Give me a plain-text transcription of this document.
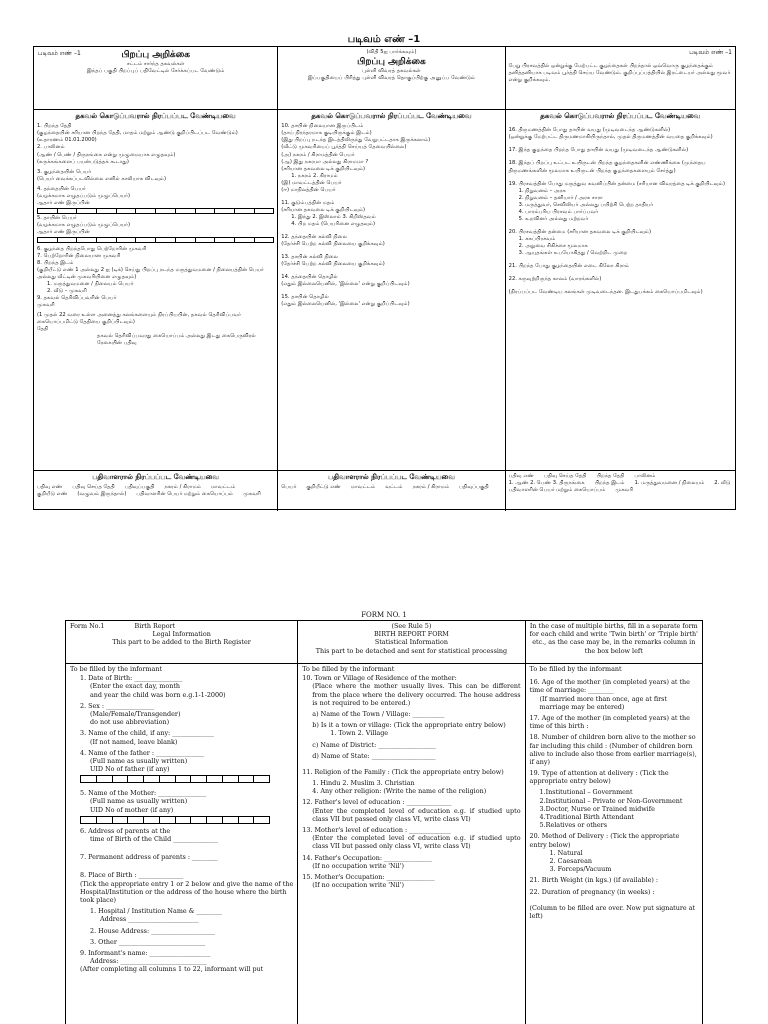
படிவம் எண் –1
படிவம் எண் –1	பிறப்பு அறிக்கை
சட்டம் சார்ந்த தகவல்கள்
இந்தப் பகுதி பிறப்புப் பதிவேட்டில் சேர்க்கப்பட வேண்டும்
(விதி 5ஐ பார்க்கவும்)
பிறப்பு அறிக்கை
புள்ளி விவரத் தகவல்கள்
இப்பகுதியைப் பிரித்து புள்ளி விவரத் தொகுப்பிற்கு அனுப்ப வேண்டும்
படிவம் எண் –1
பேறு பிரசவத்தில் ஒன்றுக்கு மேற்பட்ட குழந்தைகள் பிறந்தால் ஒவ்வொரு குழந்தைக்கும் தனித்தனியாக படிவம் பூர்த்தி செய்ய வேண்டும். குறிப்புப்பத்தியில் இரட்டையர் அல்லது மூவர் என்று குறிக்கவும்.
தகவல் கொடுப்பவரால் நிரப்பப்பட வேண்டியவை
1. பிறந்த தேதி
(குழந்தையின் சரியான பிறந்த தேதி, மாதம் மற்றும் ஆண்டு குறிப்பிடப்பட வேண்டும்)
(உதாரணம் 01.01.2000)
2. பாலினம்
(ஆண் / பெண் / திருநங்கை என்று முழுமையாக எழுதவும்)
(சுருக்கங்களைப் பயன்படுத்தக் கூடாது)
3. குழந்தையின் பெயர்
(பெயர் வைக்கப்படவில்லை எனில் காலியாக விடவும்)
4. தந்தையின் பெயர்
(வழக்கமாக எழுதப்படும் முழுப்பெயர்)
ஆதார் எண் இருப்பின்
5. தாயின் பெயர்
(வழக்கமாக எழுதப்படும் முழுப்பெயர்)
ஆதார் எண் இருப்பின்
6. குழந்தை பிறந்தபோது பெற்றோரின் முகவரி
7. பெற்றோரின் நிலையான முகவரி
8. பிறந்த இடம்
(குறியீட்டு எண் 1 அல்லது 2 ஐ (டிக்) செய்து பிறப்பு நடந்த மருத்துவமனை / நிலையத்தின் பெயர் அல்லது வீட்டின் முகவரியினை எழுதவும்)
1. மருத்துவமனை / நிலையம் பெயர்
2. வீடு – முகவரி
9. தகவல் தெரிவிப்பவரின் பெயர்
முகவரி
(1 முதல் 22 வரை உள்ள அனைத்து கலங்களையும் நிரப்பியபின், தகவல் தெரிவிப்பவர் கையொப்பமிட்டு தேதியை குறிப்பிடவும்)
தேதி
தகவல் தெரிவிப்பவரது கையொப்பம் அல்லது இடது கைபெருவிரல் ரேகையின் பதிவு
தகவல் கொடுப்பவரால் நிரப்பப்பட வேண்டியவை
10. தாயின் நிலையான இருப்பிடம்
(தாய் நிரந்தரமாக குடியிருக்கும் இடம்)
(இது பிறப்பு நடந்த இடத்திலிருந்து வேறுபட்டதாக இருக்கலாம்)
(வீட்டு முகவரியைப் பூர்த்தி செய்யத் தேவையில்லை)
(அ) நகரம் / கிராமத்தின் பெயர்
(ஆ) இது நகரமா அல்லது கிராமமா ?
(சரியான தகவலை டிக் குறியிடவும்)
1. நகரம் 2. கிராமம்
(இ) மாவட்டத்தின் பெயர்
(ஈ) மாநிலத்தின் பெயர்
11. குடும்பத்தின் மதம்
(சரியான தகவலை டிக் குறியிடவும்)
1. இந்து 2. இஸ்லாம் 3. கிறிஸ்தவம்
4. பிற மதம் (பெயரினை எழுதவும்)
12. தந்தையின் கல்வி நிலை
(தேர்ச்சி பெற்ற கல்வி நிலையை குறிக்கவும்)
13. தாயின் கல்வி நிலை
(தேர்ச்சி பெற்ற கல்வி நிலையை குறிக்கவும்)
14. தந்தையின் தொழில்
(எதும் இல்லையெனில், 'இல்லை' என்று குறிப்பிடவும்)
15. தாயின் தொழில்
(எதும் இல்லையெனில், 'இல்லை' என்று குறிப்பிடவும்)
தகவல் கொடுப்பவரால் நிரப்பப்பட வேண்டியவை
16. திருமணத்தின் போது தாயின் வயது (முடிவடைந்த ஆண்டுகளில்)
(ஒன்றுக்கு மேற்பட்ட திருமணமாகியிருந்தால், முதல் திருமணத்தின் வயதை குறிக்கவும்)
17. இந்த குழந்தை பிறந்த போது தாயின் வயது (முடிவடைந்த ஆண்டுகளில்)
18. இந்தப் பிறப்பு உட்பட உயிருடன் பிறந்த குழந்தைகளின் எண்ணிக்கை (முந்தைய திருமணங்களின் மூலமாக உயிருடன் பிறந்த குழந்தைகளையும் சேர்த்து)
19. பிரசவத்தின் போது மருத்துவ கவனிப்பின் தன்மை (சரியான விவரத்தை டிக் குறியிடவும்)
1. நிறுவனம் – அரசு
2. நிறுவனம் – தனியார் / அரசு சாரா
3. மருத்துவர், செவிலியர் அல்லது பயிற்சி பெற்ற தாதியர்
4. பாரம்பரிய பிரசவம் பார்ப்பவர்
5. உறவினர் அல்லது மற்றவர்
20. பிரசவத்தின் தன்மை (சரியான தகவலை டிக் குறியிடவும்)
1. சுகப்பிரசவம்
2. அறுவை சிகிச்சை மூலமாக
3. ஆயுதங்கள் உபயோகித்து / வெற்றிட முறை
21. பிறந்த போது குழந்தையின் எடை கிலோ கிராம்
22. கருவுற்றிருந்த காலம் (வாரங்களில்)
(நிரப்பப்பட வேண்டிய கலங்கள் முடிவடைந்தன. இடதுபக்கம் கையொப்பமிடவும்)
பதிவாளரால் நிரப்பப்பட வேண்டியவை
பதிவு எண் பதிவு செய்த தேதி பதிவுப்பகுதி நகரம் / கிராமம் மாவட்டம்
குறியீடு எண் (வழுவம் இருந்தால்) பதிவாளரின் பெயர் மற்றும் கையொப்பம் முகவரி
பதிவாளரால் நிரப்பப்பட வேண்டியவை
பெயர் குறியீட்டு எண் மாவட்டம் வட்டம் நகரம் / கிராமம் பதிவுப்பகுதி
பதிவு எண் பதிவு செய்த தேதி பிறந்த தேதி பாலினம்
1. ஆண் 2. பெண் 3. திருநங்கை பிறந்த இடம் 1. மருத்துவமனை / நிலையம் 2. வீடு
பதிவாளரின் பெயர் மற்றும் கையொப்பம் முகவரி
FORM NO. 1
Form No.1	Birth Report
Legal Information
This part to be added to the Birth Register
(See Rule 5)
BIRTH REPORT FORM
Statistical Information
This part to be detached and sent for statistical processing
In the case of multiple births, fill in a separate form for each child and write 'Twin birth' or 'Triple birth' etc., as the case may be, in the remarks column in the box below left

To be filled by the informant

1. Date of Birth: _______________
(Enter the exact day, month

and year the child was born e.g.1-1-2000)

2. Sex : _______________
(Male/Female/Transgender)

do not use abbreviation)

3. Name of the child, if any: _____________

(If not named, leave blank)

4. Name of the father : _______________
(Full name as usually written)
UID No of father (if any)
5. Name of the Mother: _______________
(Full name as usually written)
UID No of mother (if any)
6. Address of parents at the

time of Birth of the Child ______________

7. Permanent address of parents : ________

8. Place of Birth : ______________

(Tick the appropriate entry 1 or 2 below and give the name of the Hospital/Institution or the address of the house where the birth took place)

1. Hospital / Institution Name & ________

Address ______________________

2. House Address: ____________________

3. Other ___________________________

9. Informant's name: ___________________
Address: ___________________________
(After completing all columns 1 to 22, informant will put

To be filled by the informant

10. Town or Village of Residence of the mother:

(Place where the mother usually lives. This can be different from the place where the delivery occurred. The house address is not required to be entered.)

a) Name of the Town / Village: __________

b) Is it a town or village: (Tick the appropriate entry below)

1. Town 2. Village

c) Name of District: __________________

d) Name of State: ____________________

11. Religion of the Family : (Tick the appropriate entry below)

1. Hindu 2. Muslim 3. Christian

4. Any other religion: (Write the name of the religion)

12. Father's level of education : ______________

(Enter the completed level of education e.g. if studied upto class VII but passed only class VI, write class VI)

13. Mother's level of education : _____________

(Enter the completed level of education e.g. if studied upto class VII but passed only class VI, write class VI)

14. Father's Occupation: _______________

(If no occupation write 'Nil')

15. Mother's Occupation: _______________

(If no occupation write 'Nil')

To be filled by the informant

16. Age of the mother (in completed years) at the time of marriage: ________

(If married more than once, age at first marriage may be entered)

17. Age of the mother (in completed years) at the time of this birth :

18. Number of children born alive to the mother so far including this child : (Number of children born alive to include also those from earlier marriage(s), if any)

19. Type of attention at delivery : (Tick the appropriate entry below)
1.Institutional – Government
2.Institutional – Private or Non-Government
3.Doctor, Nurse or Trained midwife
4.Traditional Birth Attendant

5.Relatives or others

20. Method of Delivery : (Tick the appropriate entry below)
1. Natural
2. Caesarean

3. Forceps/Vacuum

21. Birth Weight (in kgs.) (if available) :

22. Duration of pregnancy (in weeks) :

(Column to be filled are over. Now put signature at left)
